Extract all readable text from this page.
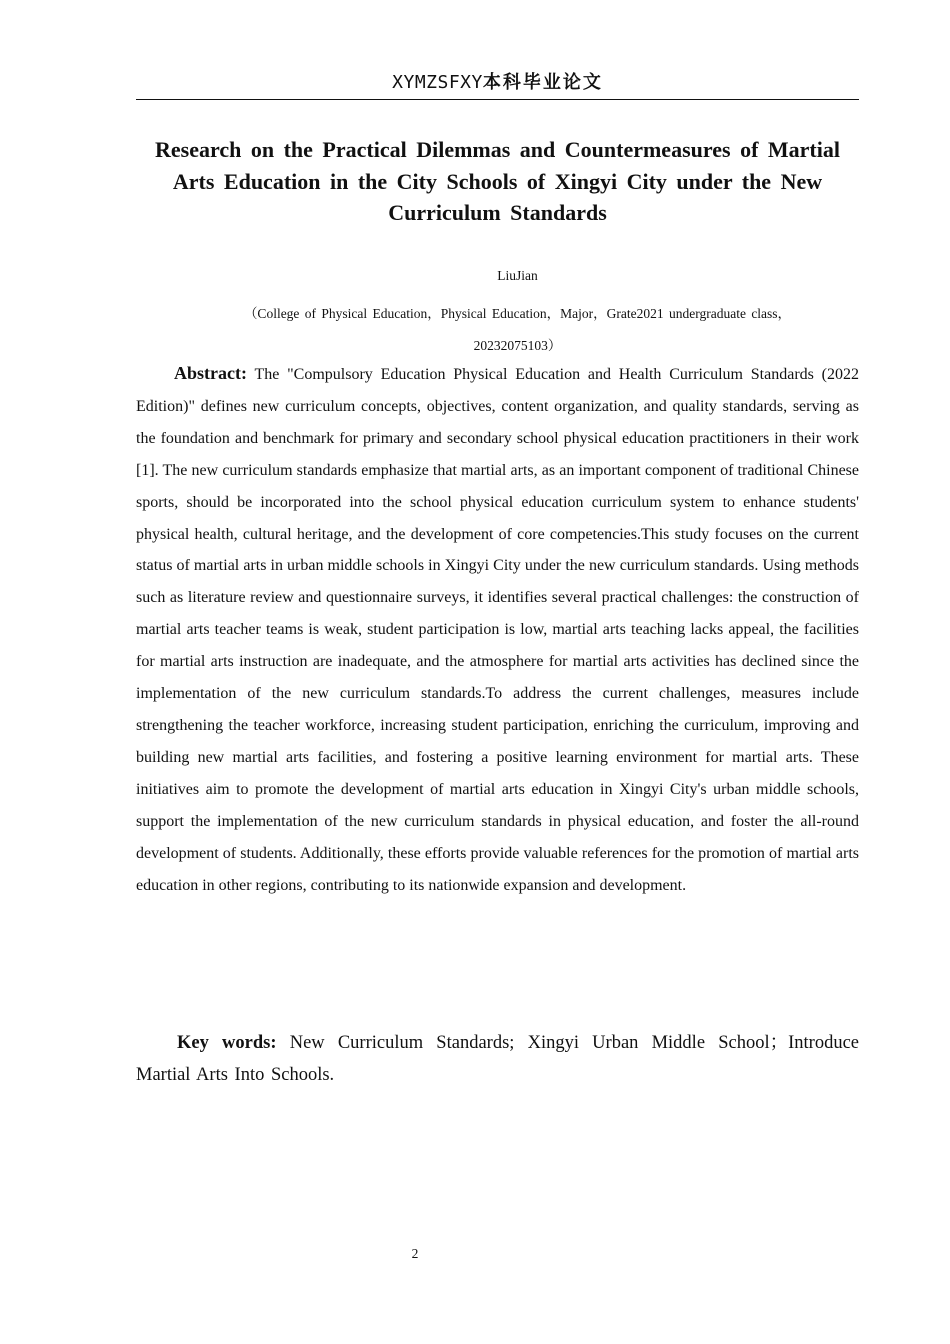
XYMZSFXY本科毕业论文
Research on the Practical Dilemmas and Countermeasures of Martial Arts Education in the City Schools of Xingyi City under the New Curriculum Standards
LiuJian
（College of Physical Education，Physical Education，Major，Grate2021 undergraduate class，
20232075103）

Abstract: The "Compulsory Education Physical Education and Health Curriculum Standards (2022 Edition)" defines new curriculum concepts, objectives, content organization, and quality standards, serving as the foundation and benchmark for primary and secondary school physical education practitioners in their work [1]. The new curriculum standards emphasize that martial arts, as an important component of traditional Chinese sports, should be incorporated into the school physical education curriculum system to enhance students' physical health, cultural heritage, and the development of core competencies.This study focuses on the current status of martial arts in urban middle schools in Xingyi City under the new curriculum standards. Using methods such as literature review and questionnaire surveys, it identifies several practical challenges: the construction of martial arts teacher teams is weak, student participation is low, martial arts teaching lacks appeal, the facilities for martial arts instruction are inadequate, and the atmosphere for martial arts activities has declined since the implementation of the new curriculum standards.To address the current challenges, measures include strengthening the teacher workforce, increasing student participation, enriching the curriculum, improving and building new martial arts facilities, and fostering a positive learning environment for martial arts. These initiatives aim to promote the development of martial arts education in Xingyi City's urban middle schools, support the implementation of the new curriculum standards in physical education, and foster the all-round development of students. Additionally, these efforts provide valuable references for the promotion of martial arts education in other regions, contributing to its nationwide expansion and development.

Key words: New Curriculum Standards; Xingyi Urban Middle School；Introduce Martial Arts Into Schools.

2
